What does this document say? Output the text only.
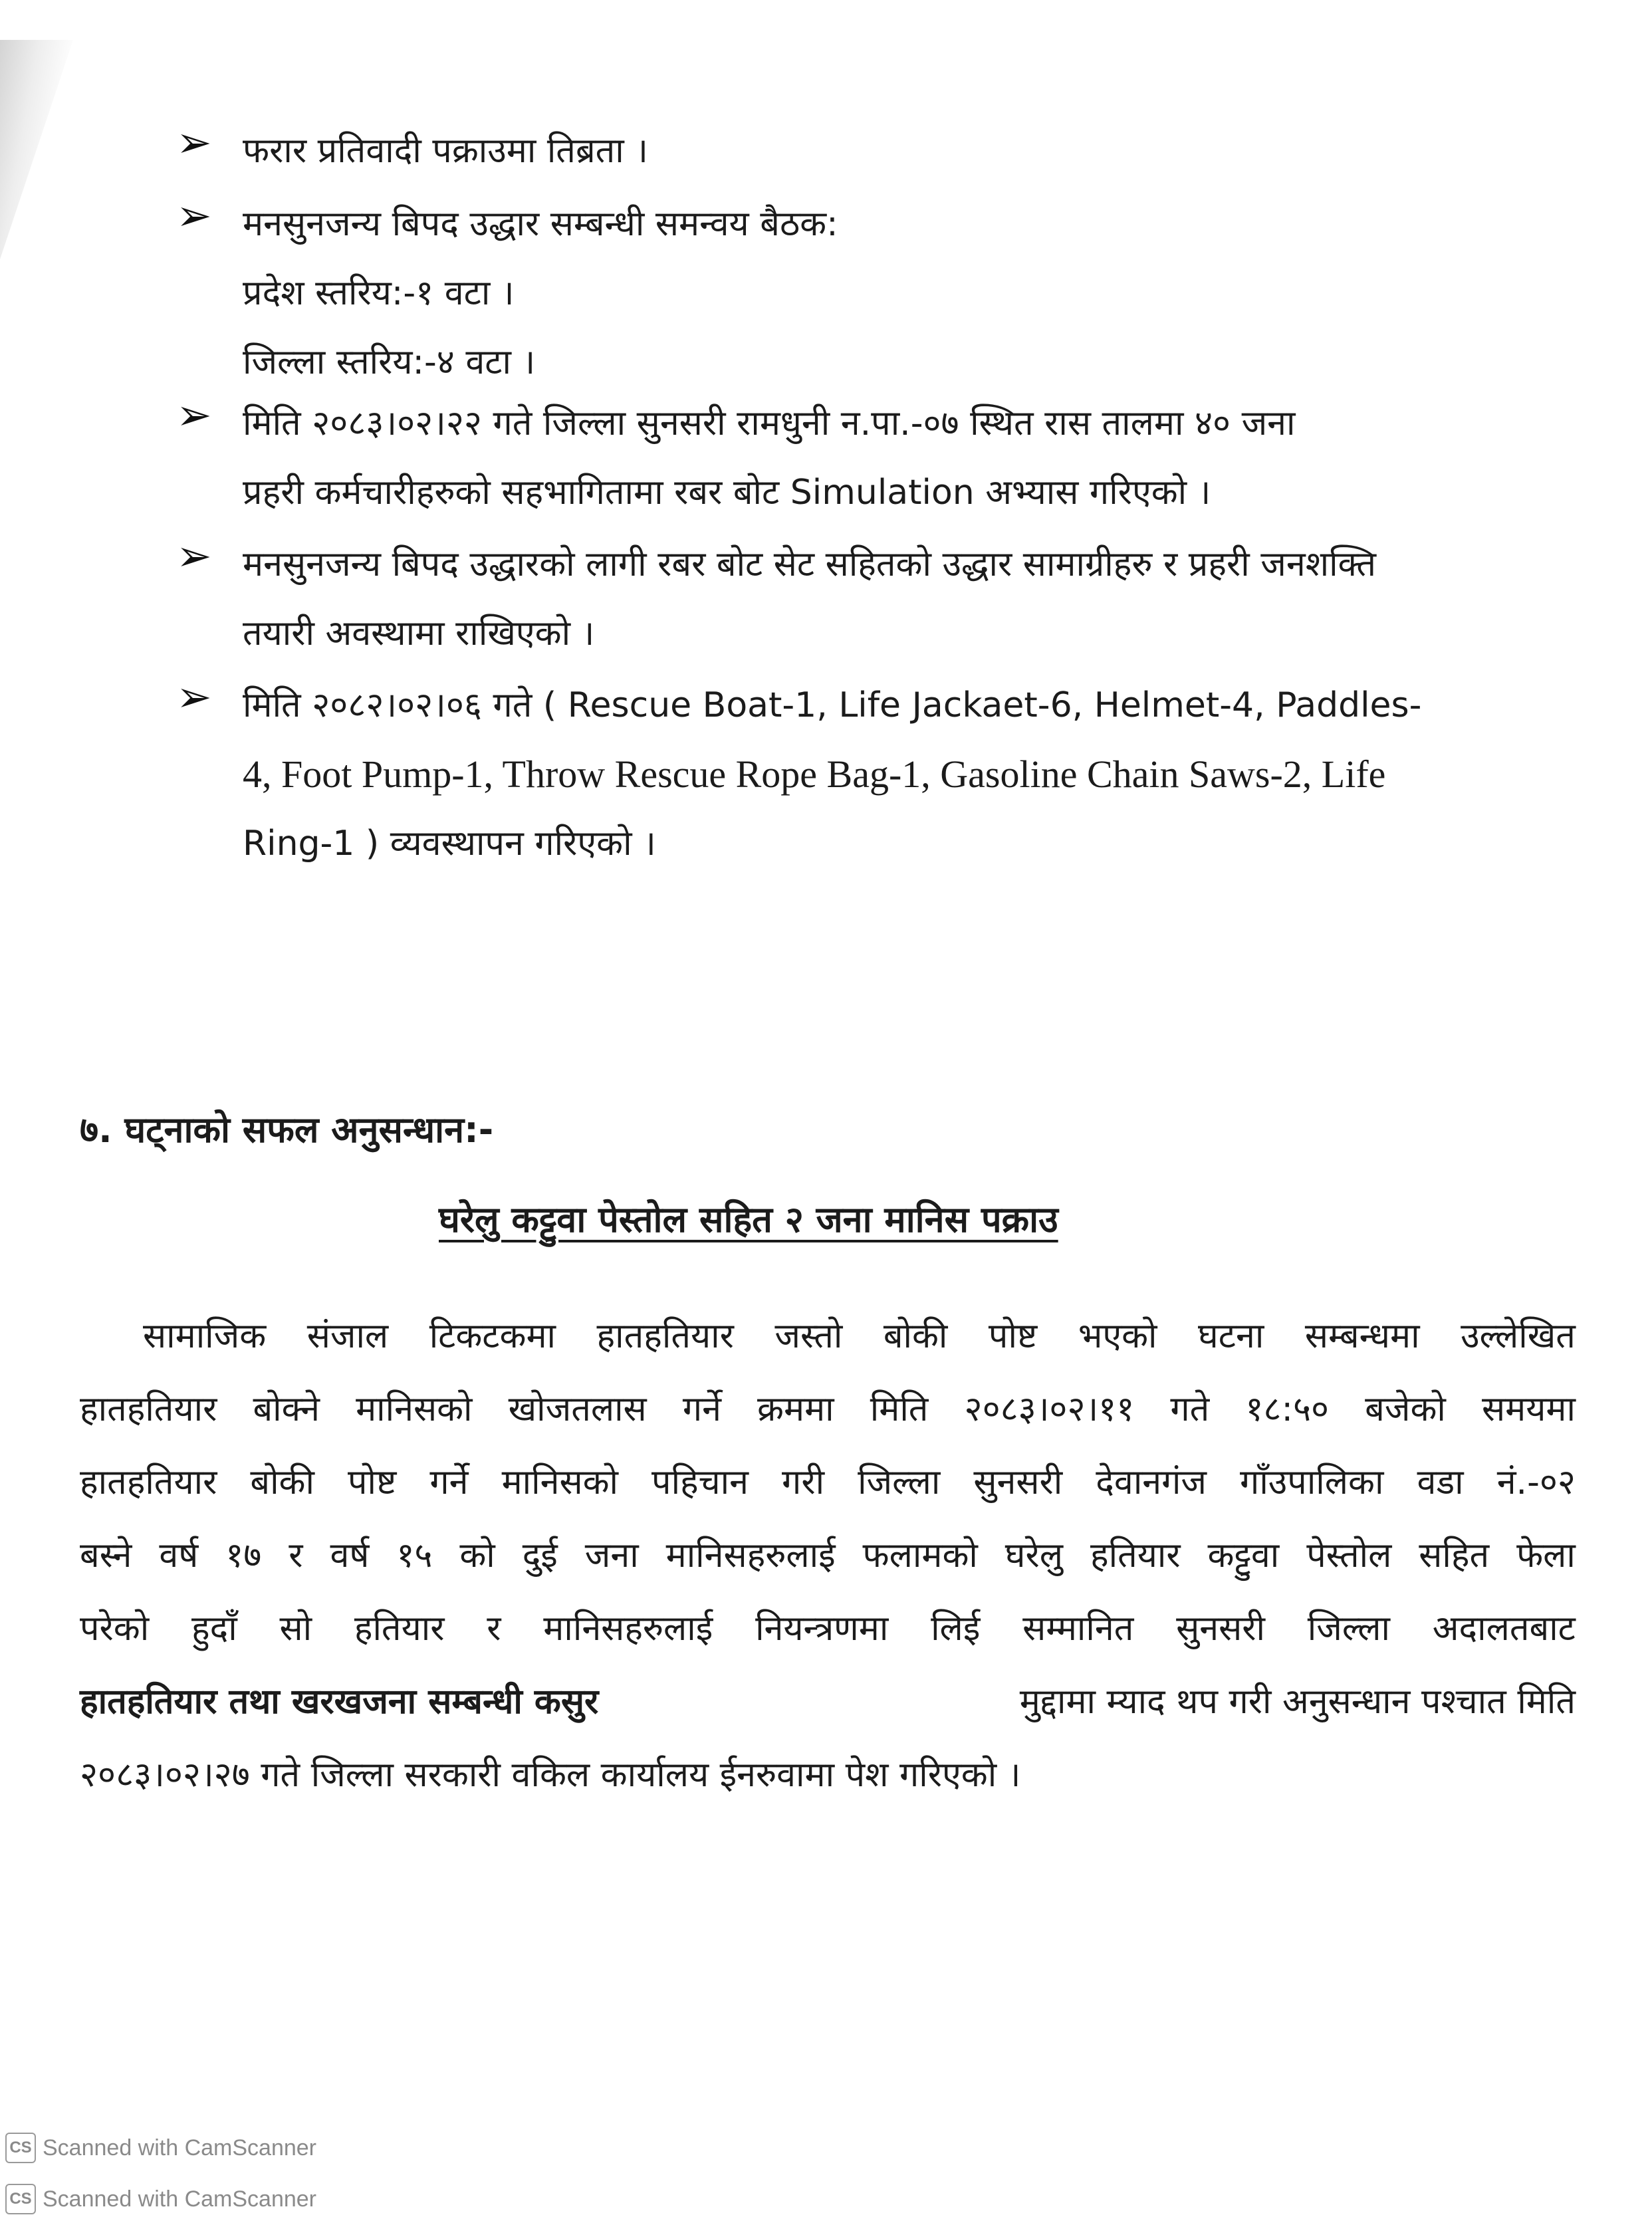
➢ फरार प्रतिवादी पक्राउमा तिब्रता ।
➢ मनसुनजन्य बिपद उद्धार सम्बन्धी समन्वय बैठक:
प्रदेश स्तरिय:-१ वटा ।
जिल्ला स्तरिय:-४ वटा ।
➢ मिति २०८३।०२।२२ गते जिल्ला सुनसरी रामधुनी न.पा.-०७ स्थित रास तालमा ४० जना
प्रहरी कर्मचारीहरुको सहभागितामा रबर बोट Simulation अभ्यास गरिएको ।
➢ मनसुनजन्य बिपद उद्धारको लागी रबर बोट सेट सहितको उद्धार सामाग्रीहरु र प्रहरी जनशक्ति
तयारी अवस्थामा राखिएको ।
➢ मिति २०८२।०२।०६ गते ( Rescue Boat-1, Life Jackaet-6, Helmet-4, Paddles-
4, Foot Pump-1, Throw Rescue Rope Bag-1, Gasoline Chain Saws-2, Life
Ring-1 ) व्यवस्थापन गरिएको ।
७. घट्नाको सफल अनुसन्धान:-
घरेलु कट्टुवा पेस्तोल सहित २ जना मानिस पक्राउ
सामाजिक संजाल टिकटकमा हातहतियार जस्तो बोकी पोष्ट भएको घटना सम्बन्धमा उल्लेखित
हातहतियार बोक्ने मानिसको खोजतलास गर्ने क्रममा मिति २०८३।०२।११ गते १८:५० बजेको समयमा
हातहतियार बोकी पोष्ट गर्ने मानिसको पहिचान गरी जिल्ला सुनसरी देवानगंज गाँउपालिका वडा नं.-०२
बस्ने वर्ष १७ र वर्ष १५ को दुई जना मानिसहरुलाई फलामको घरेलु हतियार कट्टुवा पेस्तोल सहित फेला
परेको हुदाँ सो हतियार र मानिसहरुलाई नियन्त्रणमा लिई सम्मानित सुनसरी जिल्ला अदालतबाट
हातहतियार तथा खरखजना सम्बन्धी कसुर	मुद्दामा म्याद थप गरी अनुसन्धान पश्चात मिति
२०८३।०२।२७ गते जिल्ला सरकारी वकिल कार्यालय ईनरुवामा पेश गरिएको ।
CS Scanned with CamScanner
CS Scanned with CamScanner
